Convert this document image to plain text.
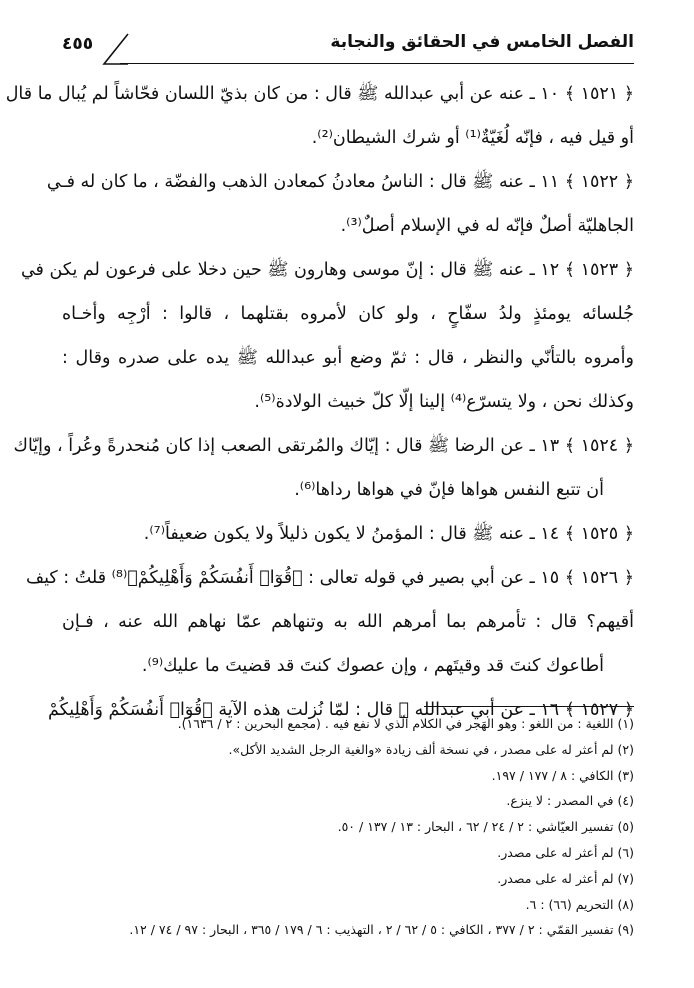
الفصل الخامس في الحقائق والنجابة
٤٥٥
﴿ ١٥٢١ ﴾ ١٠ ـ عنه عن أبي عبدالله ﷺ قال : من كان بذيّ اللسان فحّاشاً لم يُبال ما قال
أو قيل فيه ، فإنّه لُغَيّةٌ⁽¹⁾ أو شرك الشيطان⁽²⁾.
﴿ ١٥٢٢ ﴾ ١١ ـ عنه ﷺ قال : الناسُ معادنُ كمعادن الذهب والفضّة ، ما كان له فـي
الجاهليّة أصلٌ فإنّه له في الإسلام أصلٌ⁽³⁾.
﴿ ١٥٢٣ ﴾ ١٢ ـ عنه ﷺ قال : إنّ موسى وهارون ﷺ حين دخلا على فرعون لم يكن في
جُلسائه يومئذٍ ولدُ سفّاحٍ ، ولو كان لأمروه بقتلهما ، قالوا : أرْجِه وأخـاه
وأمروه بالتأنّي والنظر ، قال : ثمّ وضع أبو عبدالله ﷺ يده على صدره وقال :
وكذلك نحن ، ولا يتسرّع⁽⁴⁾ إلينا إلّا كلّ خبيث الولادة⁽⁵⁾.
﴿ ١٥٢٤ ﴾ ١٣ ـ عن الرضا ﷺ قال : إيّاك والمُرتقى الصعب إذا كان مُنحدرةً وعُراً ، وإيّاك
أن تتبع النفس هواها فإنّ في هواها رداها⁽⁶⁾.
﴿ ١٥٢٥ ﴾ ١٤ ـ عنه ﷺ قال : المؤمنُ لا يكون ذليلاً ولا يكون ضعيفاً⁽⁷⁾.
﴿ ١٥٢٦ ﴾ ١٥ ـ عن أبي بصير في قوله تعالى : ﴿قُوٓا۟ أَنفُسَكُمْ وَأَهْلِيكُمْ﴾⁽⁸⁾ قلتُ : كيف
أقيهم؟ قال : تأمرهم بما أمرهم الله به وتنهاهم عمّا نهاهم الله عنه ، فـإن
أطاعوك كنتَ قد وقيتَهم ، وإن عصوك كنتَ قد قضيتَ ما عليك⁽⁹⁾.
﴿ ١٥٢٧ ﴾ ١٦ ـ عن أبي عبدالله ﷺ قال : لمّا نُزلت هذه الآية ﴿قُوٓا۟ أَنفُسَكُمْ وَأَهْلِيكُمْ
(١) اللغية : من اللغو : وهو الهَجر في الكلام الّذي لا نفع فيه . (مجمع البحرين : ٢ / ١٦٣٦).
(٢) لم أعثر له على مصدر ، في نسخة ألف زيادة «والغية الرجل الشديد الأكل».
(٣) الكافي : ٨ / ١٧٧ / ١٩٧.
(٤) في المصدر : لا ينزع.
(٥) تفسير العيّاشي : ٢ / ٢٤ / ٦٢ ، البحار : ١٣ / ١٣٧ / ٥٠.
(٦) لم أعثر له على مصدر.
(٧) لم أعثر له على مصدر.
(٨) التحريم (٦٦) : ٦.
(٩) تفسير القمّي : ٢ / ٣٧٧ ، الكافي : ٥ / ٦٢ / ٢ ، التهذيب : ٦ / ١٧٩ / ٣٦٥ ، البحار : ٩٧ / ٧٤ / ١٢.
